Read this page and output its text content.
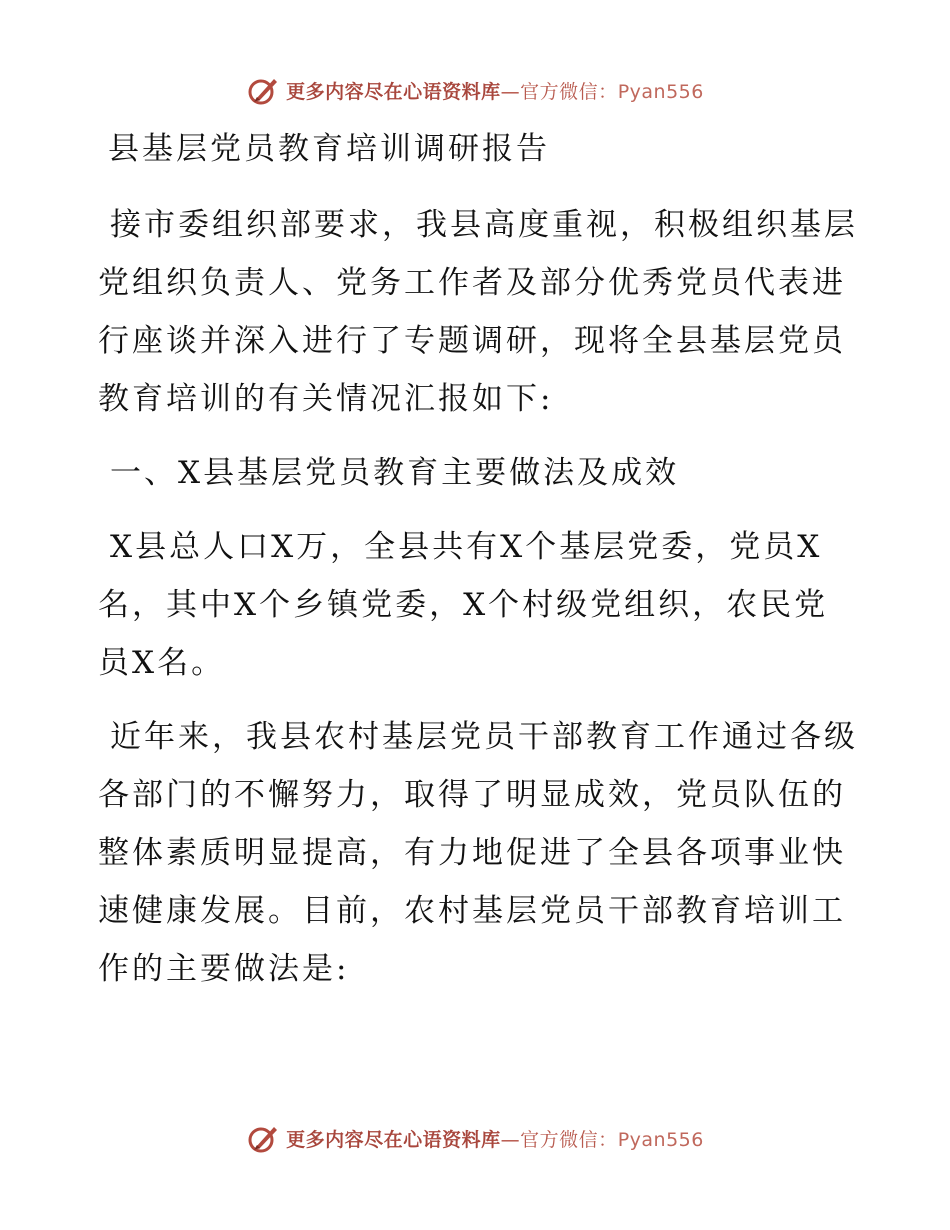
更多内容尽在心语资料库—官方微信：Pyan556

县基层党员教育培训调研报告

接市委组织部要求，我县高度重视，积极组织基层党组织负责人、党务工作者及部分优秀党员代表进行座谈并深入进行了专题调研，现将全县基层党员教育培训的有关情况汇报如下:

一、X县基层党员教育主要做法及成效

X县总人口X万，全县共有X个基层党委，党员X名，其中X个乡镇党委，X个村级党组织，农民党员X名。

近年来，我县农村基层党员干部教育工作通过各级各部门的不懈努力，取得了明显成效，党员队伍的整体素质明显提高，有力地促进了全县各项事业快速健康发展。目前，农村基层党员干部教育培训工作的主要做法是:

更多内容尽在心语资料库—官方微信：Pyan556
